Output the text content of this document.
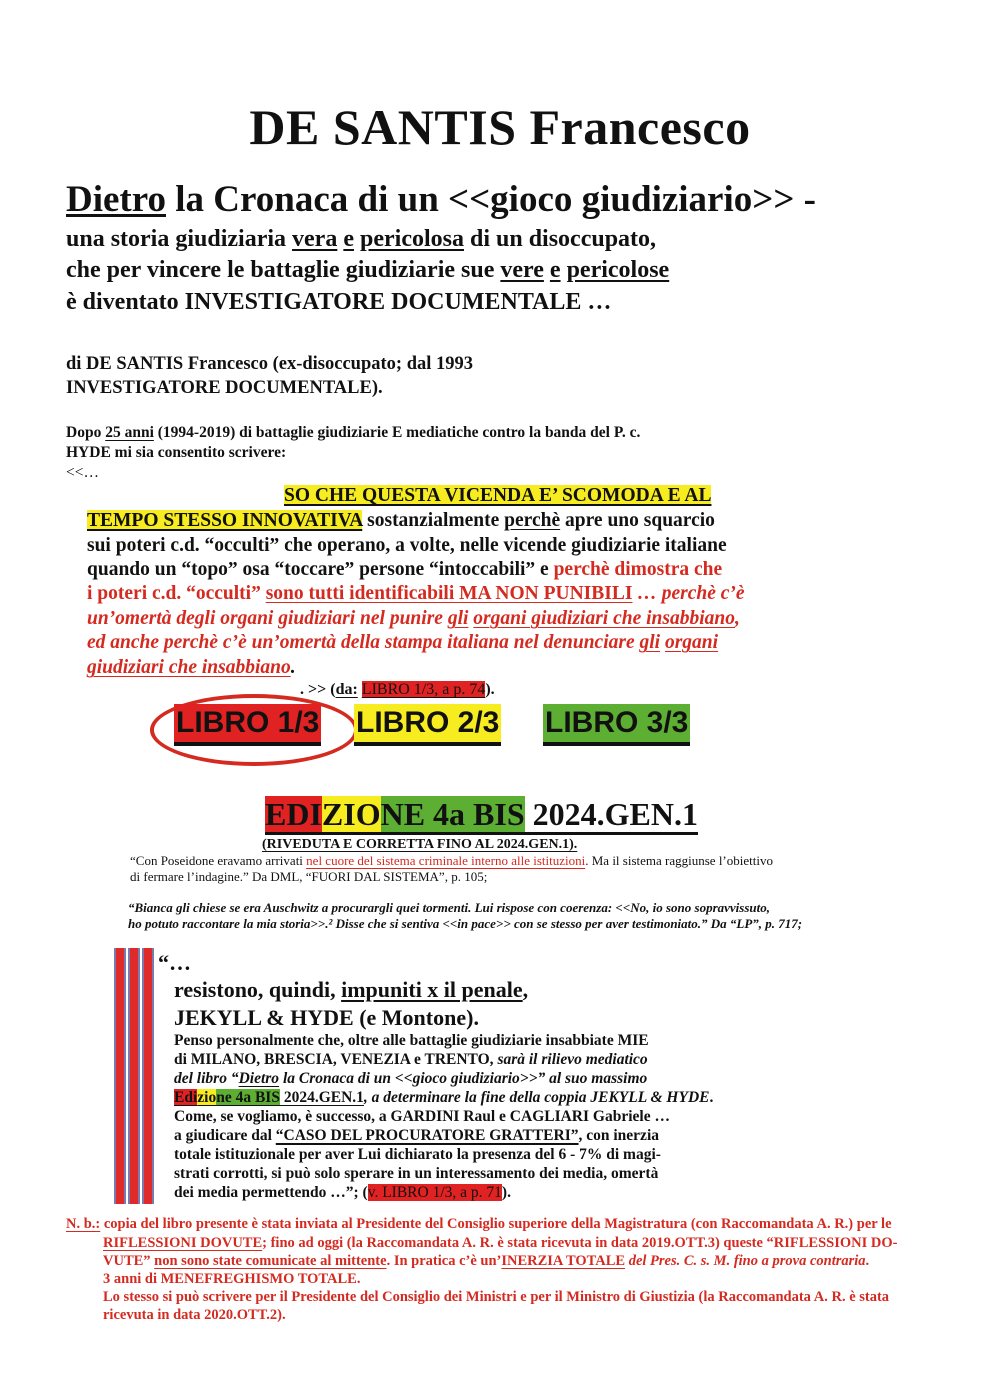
DE SANTIS Francesco
Dietro la Cronaca di un <<gioco giudiziario>> -
una storia giudiziaria vera e pericolosa di un disoccupato,
che per vincere le battaglie giudiziarie sue vere e pericolose
è diventato INVESTIGATORE DOCUMENTALE …
di DE SANTIS Francesco (ex-disoccupato; dal 1993
INVESTIGATORE DOCUMENTALE).
Dopo 25 anni (1994-2019) di battaglie giudiziarie E mediatiche contro la banda del P. c.
HYDE mi sia consentito scrivere:
<<…
SO CHE QUESTA VICENDA E’ SCOMODA E AL
TEMPO STESSO INNOVATIVA sostanzialmente perchè apre uno squarcio
sui poteri c.d. “occulti” che operano, a volte, nelle vicende giudiziarie italiane
quando un “topo” osa “toccare” persone “intoccabili” e perchè dimostra che
i poteri c.d. “occulti” sono tutti identificabili MA NON PUNIBILI … perchè c’è
un’omertà degli organi giudiziari nel punire gli organi giudiziari che insabbiano,
ed anche perchè c’è un’omertà della stampa italiana nel denunciare gli organi
giudiziari che insabbiano.
. >> (da: LIBRO 1/3, a p. 74).
LIBRO 1/3 LIBRO 2/3 LIBRO 3/3
EDIZIONE 4a BIS 2024.GEN.1
(RIVEDUTA E CORRETTA FINO AL 2024.GEN.1).
“Con Poseidone eravamo arrivati nel cuore del sistema criminale interno alle istituzioni. Ma il sistema raggiunse l’obiettivo
di fermare l’indagine.” Da DML, “FUORI DAL SISTEMA”, p. 105;
“Bianca gli chiese se era Auschwitz a procurargli quei tormenti. Lui rispose con coerenza: <<No, io sono sopravvissuto,
ho potuto raccontare la mia storia>>.² Disse che si sentiva <<in pace>> con se stesso per aver testimoniato.” Da “LP”, p. 717;
“…
resistono, quindi, impuniti x il penale,
JEKYLL & HYDE (e Montone).
Penso personalmente che, oltre alle battaglie giudiziarie insabbiate MIE
di MILANO, BRESCIA, VENEZIA e TRENTO, sarà il rilievo mediatico
del libro “Dietro la Cronaca di un <<gioco giudiziario>>” al suo massimo
Edizione 4a BIS 2024.GEN.1, a determinare la fine della coppia JEKYLL & HYDE.
Come, se vogliamo, è successo, a GARDINI Raul e CAGLIARI Gabriele …
a giudicare dal “CASO DEL PROCURATORE GRATTERI”, con inerzia
totale istituzionale per aver Lui dichiarato la presenza del 6 - 7% di magi-
strati corrotti, si può solo sperare in un interessamento dei media, omertà
dei media permettendo …”; (v. LIBRO 1/3, a p. 71).
N. b.: copia del libro presente è stata inviata al Presidente del Consiglio superiore della Magistratura (con Raccomandata A. R.) per le
RIFLESSIONI DOVUTE; fino ad oggi (la Raccomandata A. R. è stata ricevuta in data 2019.OTT.3) queste “RIFLESSIONI DO-
VUTE” non sono state comunicate al mittente. In pratica c’è un’INERZIA TOTALE del Pres. C. s. M. fino a prova contraria.
3 anni di MENEFREGHISMO TOTALE.
Lo stesso si può scrivere per il Presidente del Consiglio dei Ministri e per il Ministro di Giustizia (la Raccomandata A. R. è stata
ricevuta in data 2020.OTT.2).
